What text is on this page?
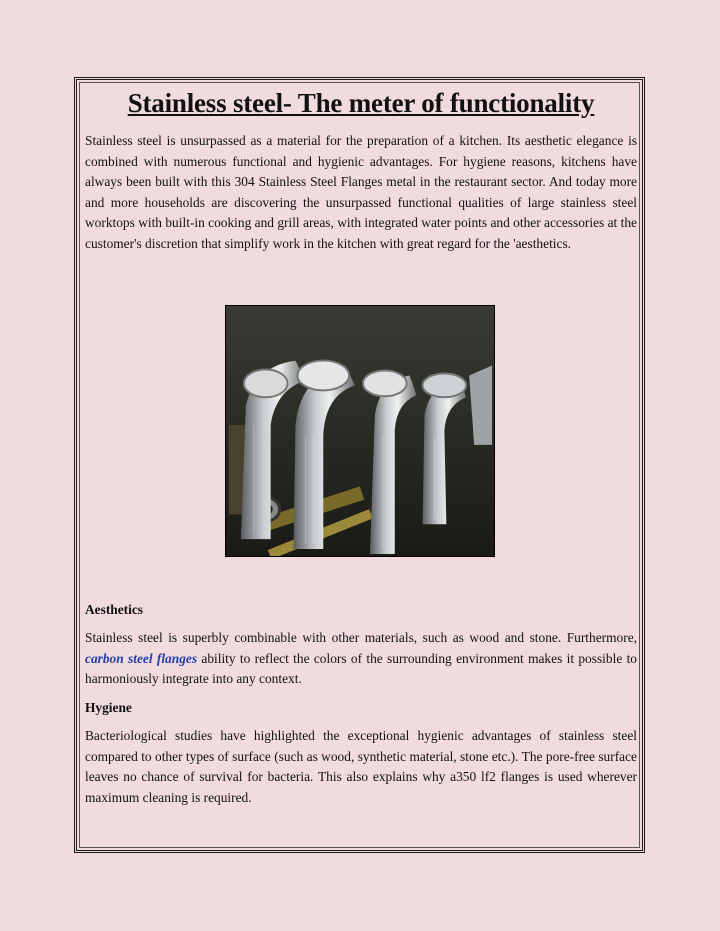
Stainless steel- The meter of functionality

Stainless steel is unsurpassed as a material for the preparation of a kitchen. Its aesthetic elegance is combined with numerous functional and hygienic advantages. For hygiene reasons, kitchens have always been built with this 304 Stainless Steel Flanges metal in the restaurant sector. And today more and more households are discovering the unsurpassed functional qualities of large stainless steel worktops with built-in cooking and grill areas, with integrated water points and other accessories at the customer's discretion that simplify work in the kitchen with great regard for the 'aesthetics.

Aesthetics

Stainless steel is superbly combinable with other materials, such as wood and stone. Furthermore, carbon steel flanges ability to reflect the colors of the surrounding environment makes it possible to harmoniously integrate into any context.

Hygiene

Bacteriological studies have highlighted the exceptional hygienic advantages of stainless steel compared to other types of surface (such as wood, synthetic material, stone etc.). The pore-free surface leaves no chance of survival for bacteria. This also explains why a350 lf2 flanges is used wherever maximum cleaning is required.
